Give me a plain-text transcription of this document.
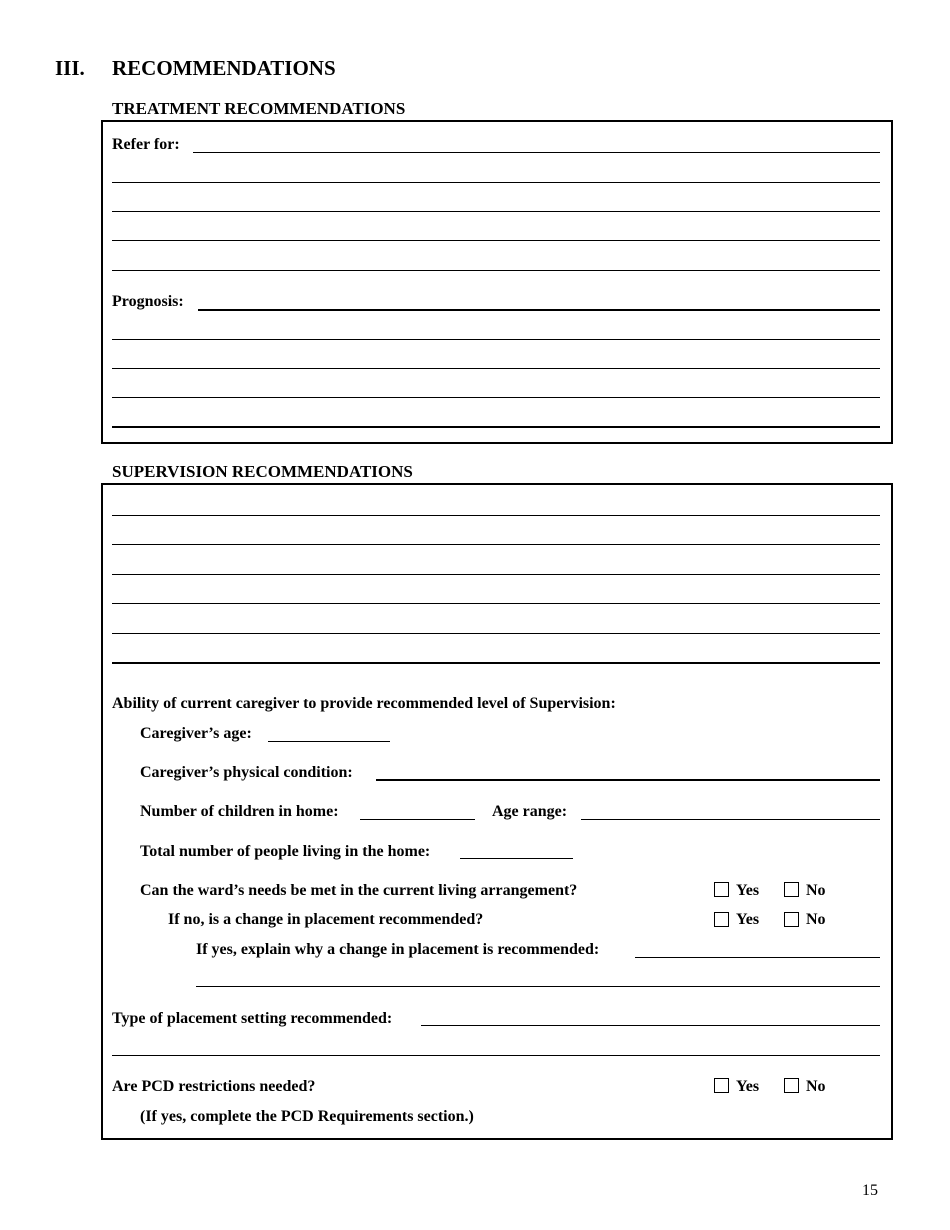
III. RECOMMENDATIONS
TREATMENT RECOMMENDATIONS
Refer for:
Prognosis:
SUPERVISION RECOMMENDATIONS
Ability of current caregiver to provide recommended level of Supervision:
Caregiver’s age:
Caregiver’s physical condition:
Number of children in home:	Age range:
Total number of people living in the home:
Can the ward’s needs be met in the current living arrangement?	Yes	No
If no, is a change in placement recommended?	Yes	No
If yes, explain why a change in placement is recommended:
Type of placement setting recommended:
Are PCD restrictions needed?	Yes	No
(If yes, complete the PCD Requirements section.)
15
